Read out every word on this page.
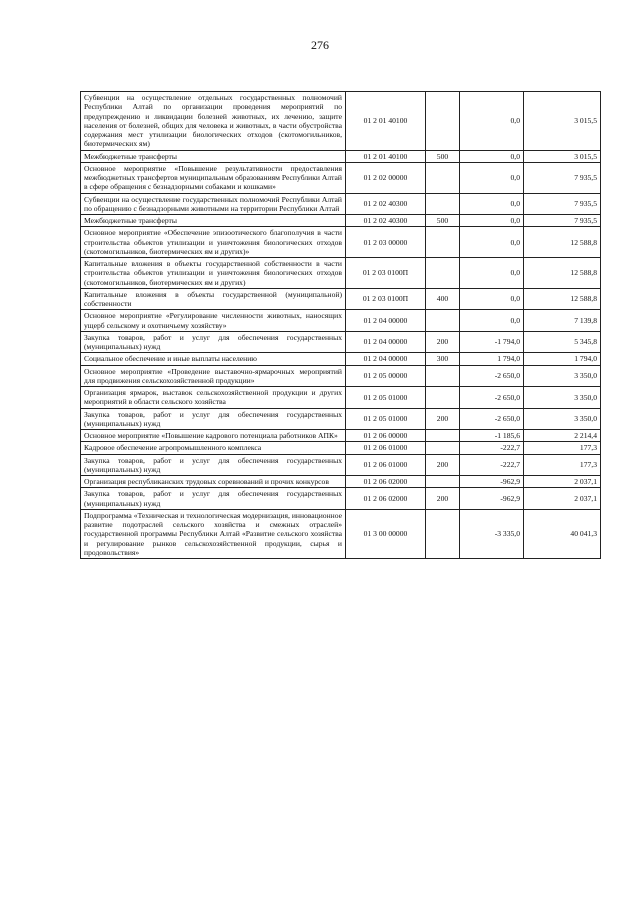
276
Субвенции на осуществление отдельных государственных полномочий Республики Алтай по организации проведения мероприятий по предупреждению и ликвидации болезней животных, их лечению, защите населения от болезней, общих для человека и животных, в части обустройства содержания мест утилизации биологических отходов (скотомогильников, биотермических ям)	01 2 01 40100		0,0	3 015,5
Межбюджетные трансферты	01 2 01 40100	500	0,0	3 015,5
Основное мероприятие «Повышение результативности предоставления межбюджетных трансфертов муниципальным образованиям Республики Алтай в сфере обращения с безнадзорными собаками и кошками»	01 2 02 00000		0,0	7 935,5
Субвенции на осуществление государственных полномочий Республики Алтай по обращению с безнадзорными животными на территории Республики Алтай	01 2 02 40300		0,0	7 935,5
Межбюджетные трансферты	01 2 02 40300	500	0,0	7 935,5
Основное мероприятие «Обеспечение эпизоотического благополучия в части строительства объектов утилизации и уничтожения биологических отходов (скотомогильников, биотермических ям и других)»	01 2 03 00000		0,0	12 588,8
Капитальные вложения в объекты государственной собственности в части строительства объектов утилизации и уничтожения биологических отходов (скотомогильников, биотермических ям и других)	01 2 03 0100П		0,0	12 588,8
Капитальные вложения в объекты государственной (муниципальной) собственности	01 2 03 0100П	400	0,0	12 588,8
Основное мероприятие «Регулирование численности животных, наносящих ущерб сельскому и охотничьему хозяйству»	01 2 04 00000		0,0	7 139,8
Закупка товаров, работ и услуг для обеспечения государственных (муниципальных) нужд	01 2 04 00000	200	-1 794,0	5 345,8
Социальное обеспечение и иные выплаты населению	01 2 04 00000	300	1 794,0	1 794,0
Основное мероприятие «Проведение выставочно-ярмарочных мероприятий для продвижения сельскохозяйственной продукции»	01 2 05 00000		-2 650,0	3 350,0
Организация ярмарок, выставок сельскохозяйственной продукции и других мероприятий в области сельского хозяйства	01 2 05 01000		-2 650,0	3 350,0
Закупка товаров, работ и услуг для обеспечения государственных (муниципальных) нужд	01 2 05 01000	200	-2 650,0	3 350,0
Основное мероприятие «Повышение кадрового потенциала работников АПК»	01 2 06 00000		-1 185,6	2 214,4
Кадровое обеспечение агропромышленного комплекса	01 2 06 01000		-222,7	177,3
Закупка товаров, работ и услуг для обеспечения государственных (муниципальных) нужд	01 2 06 01000	200	-222,7	177,3
Организация республиканских трудовых соревнований и прочих конкурсов	01 2 06 02000		-962,9	2 037,1
Закупка товаров, работ и услуг для обеспечения государственных (муниципальных) нужд	01 2 06 02000	200	-962,9	2 037,1
Подпрограмма «Техническая и технологическая модернизация, инновационное развитие подотраслей сельского хозяйства и смежных отраслей» государственной программы Республики Алтай «Развитие сельского хозяйства и регулирование рынков сельскохозяйственной продукции, сырья и продовольствия»	01 3 00 00000		-3 335,0	40 041,3
